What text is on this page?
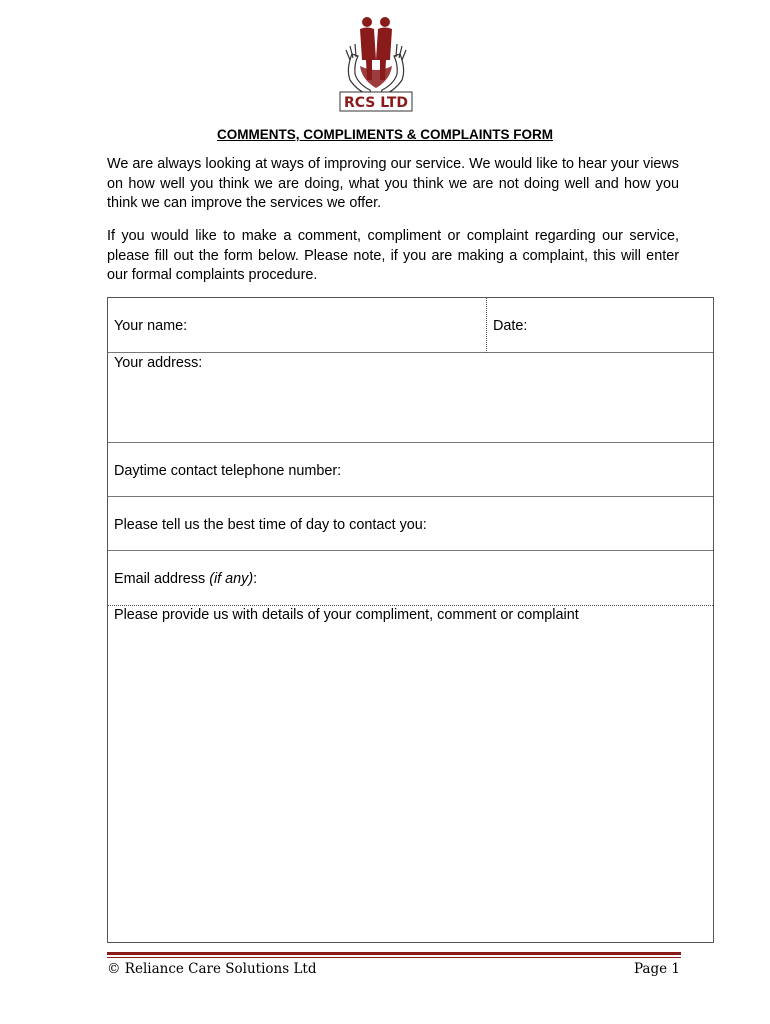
RCS LTD
COMMENTS, COMPLIMENTS & COMPLAINTS FORM

We are always looking at ways of improving our service. We would like to hear your views on how well you think we are doing, what you think we are not doing well and how you think we can improve the services we offer.

If you would like to make a comment, compliment or complaint regarding our service, please fill out the form below. Please note, if you are making a complaint, this will enter our formal complaints procedure.

Your name:	Date:
Your address:
Daytime contact telephone number:
Please tell us the best time of day to contact you:
Email address (if any):
Please provide us with details of your compliment, comment or complaint
© Reliance Care Solutions Ltd	Page 1
